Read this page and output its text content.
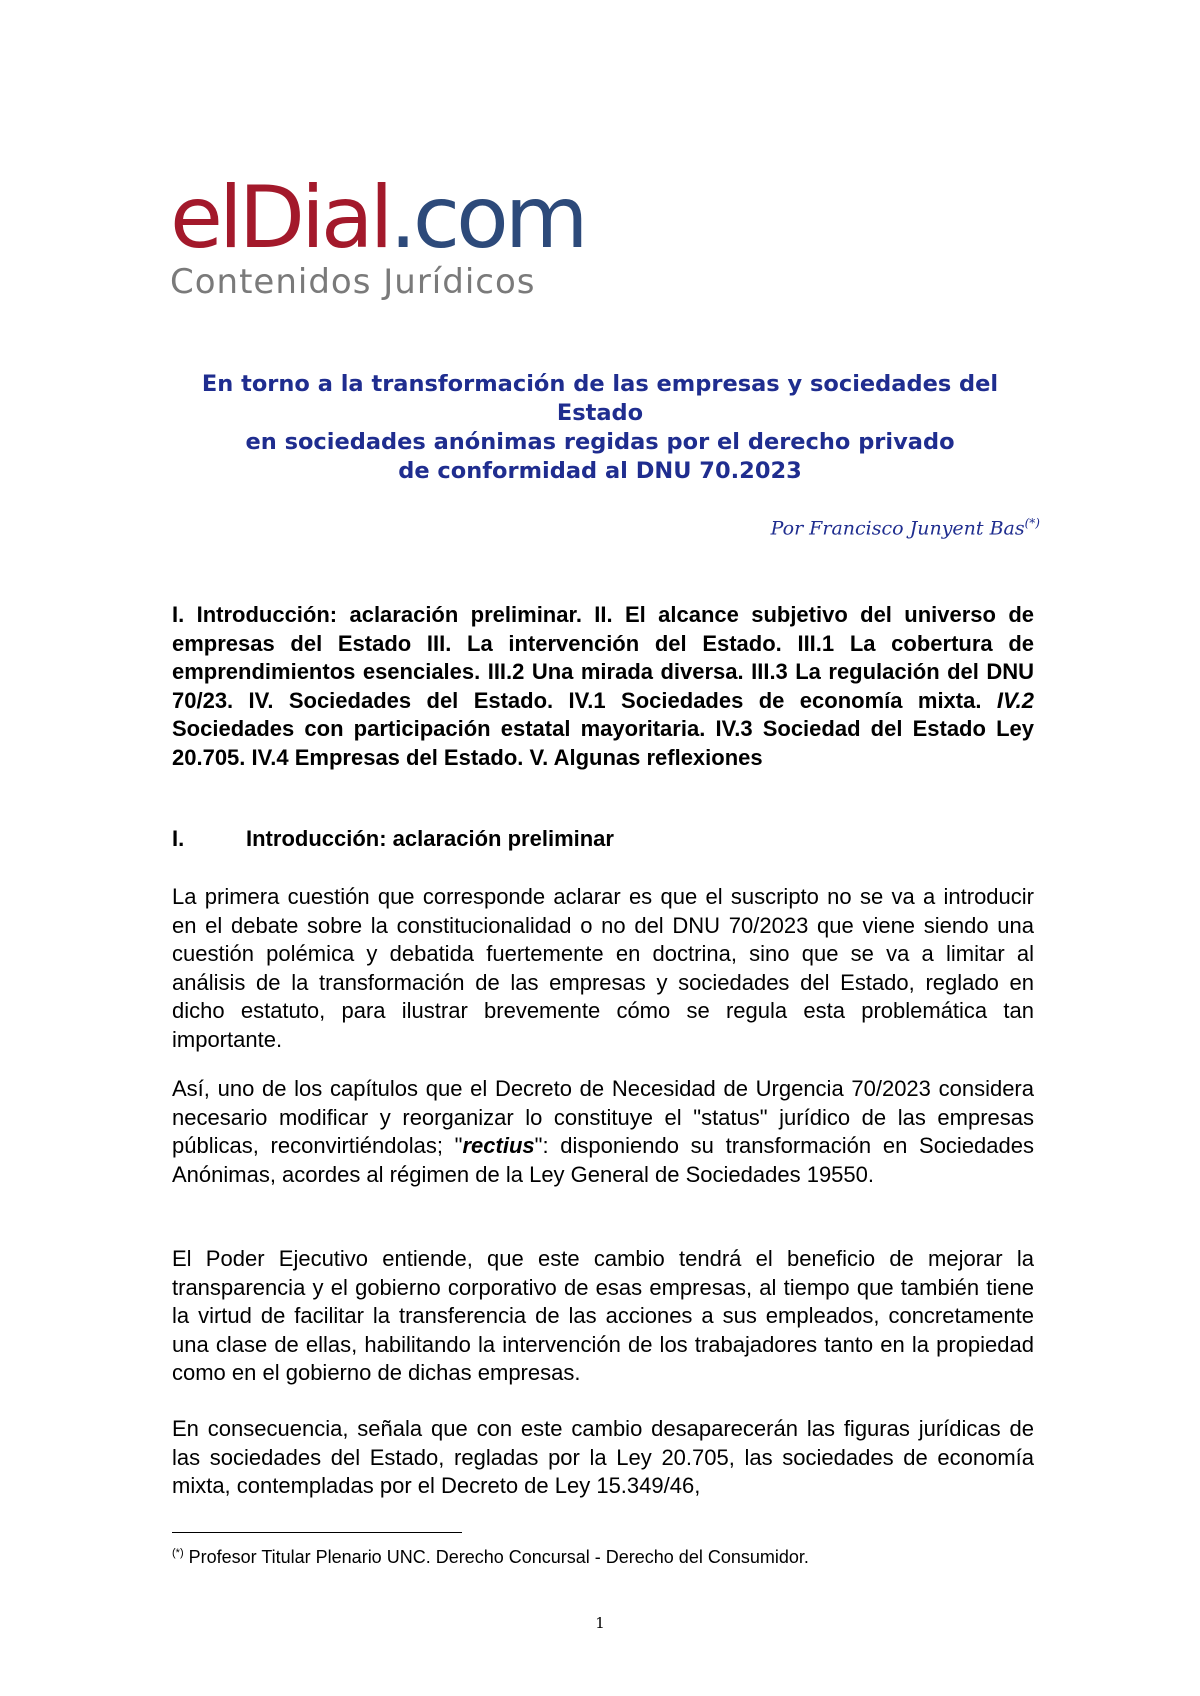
elDial.com
Contenidos Jurídicos
En torno a la transformación de las empresas y sociedades del
Estado
en sociedades anónimas regidas por el derecho privado
de conformidad al DNU 70.2023
Por Francisco Junyent Bas(*)
I. Introducción: aclaración preliminar. II. El alcance subjetivo del universo de empresas del Estado III. La intervención del Estado. III.1 La cobertura de emprendimientos esenciales. III.2 Una mirada diversa. III.3 La regulación del DNU 70/23. IV. Sociedades del Estado. IV.1 Sociedades de economía mixta. IV.2 Sociedades con participación estatal mayoritaria. IV.3 Sociedad del Estado Ley 20.705. IV.4 Empresas del Estado. V. Algunas reflexiones
I.	Introducción: aclaración preliminar
La primera cuestión que corresponde aclarar es que el suscripto no se va a introducir en el debate sobre la constitucionalidad o no del DNU 70/2023 que viene siendo una cuestión polémica y debatida fuertemente en doctrina, sino que se va a limitar al análisis de la transformación de las empresas y sociedades del Estado, reglado en dicho estatuto, para ilustrar brevemente cómo se regula esta problemática tan importante.
Así, uno de los capítulos que el Decreto de Necesidad de Urgencia 70/2023 considera necesario modificar y reorganizar lo constituye el "status" jurídico de las empresas públicas, reconvirtiéndolas; "rectius": disponiendo su transformación en Sociedades Anónimas, acordes al régimen de la Ley General de Sociedades 19550.
El Poder Ejecutivo entiende, que este cambio tendrá el beneficio de mejorar la transparencia y el gobierno corporativo de esas empresas, al tiempo que también tiene la virtud de facilitar la transferencia de las acciones a sus empleados, concretamente una clase de ellas, habilitando la intervención de los trabajadores tanto en la propiedad como en el gobierno de dichas empresas.
En consecuencia, señala que con este cambio desaparecerán las figuras jurídicas de las sociedades del Estado, regladas por la Ley 20.705, las sociedades de economía mixta, contempladas por el Decreto de Ley 15.349/46,
(*) Profesor Titular Plenario UNC. Derecho Concursal - Derecho del Consumidor.
1
